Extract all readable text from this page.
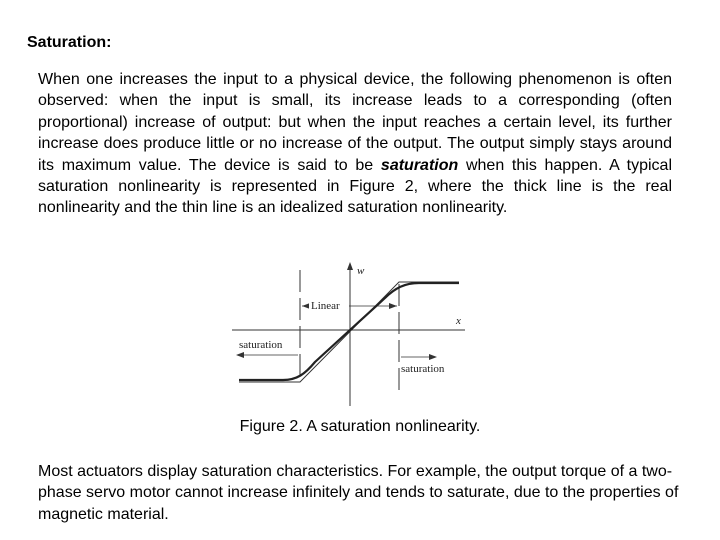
Saturation:
When one increases the input to a physical device, the following phenomenon is often observed: when the input is small, its increase leads to a corresponding (often proportional) increase of output: but when the input reaches a certain level, its further increase does produce little or no increase of the output. The output simply stays around its maximum value. The device is said to be saturation when this happen. A typical saturation nonlinearity is represented in Figure 2, where the thick line is the real nonlinearity and the thin line is an idealized saturation nonlinearity.
w
x
Linear
saturation
saturation
Figure 2. A saturation nonlinearity.
Most actuators display saturation characteristics. For example, the output torque of a two-phase servo motor cannot increase infinitely and tends to saturate, due to the properties of magnetic material.
